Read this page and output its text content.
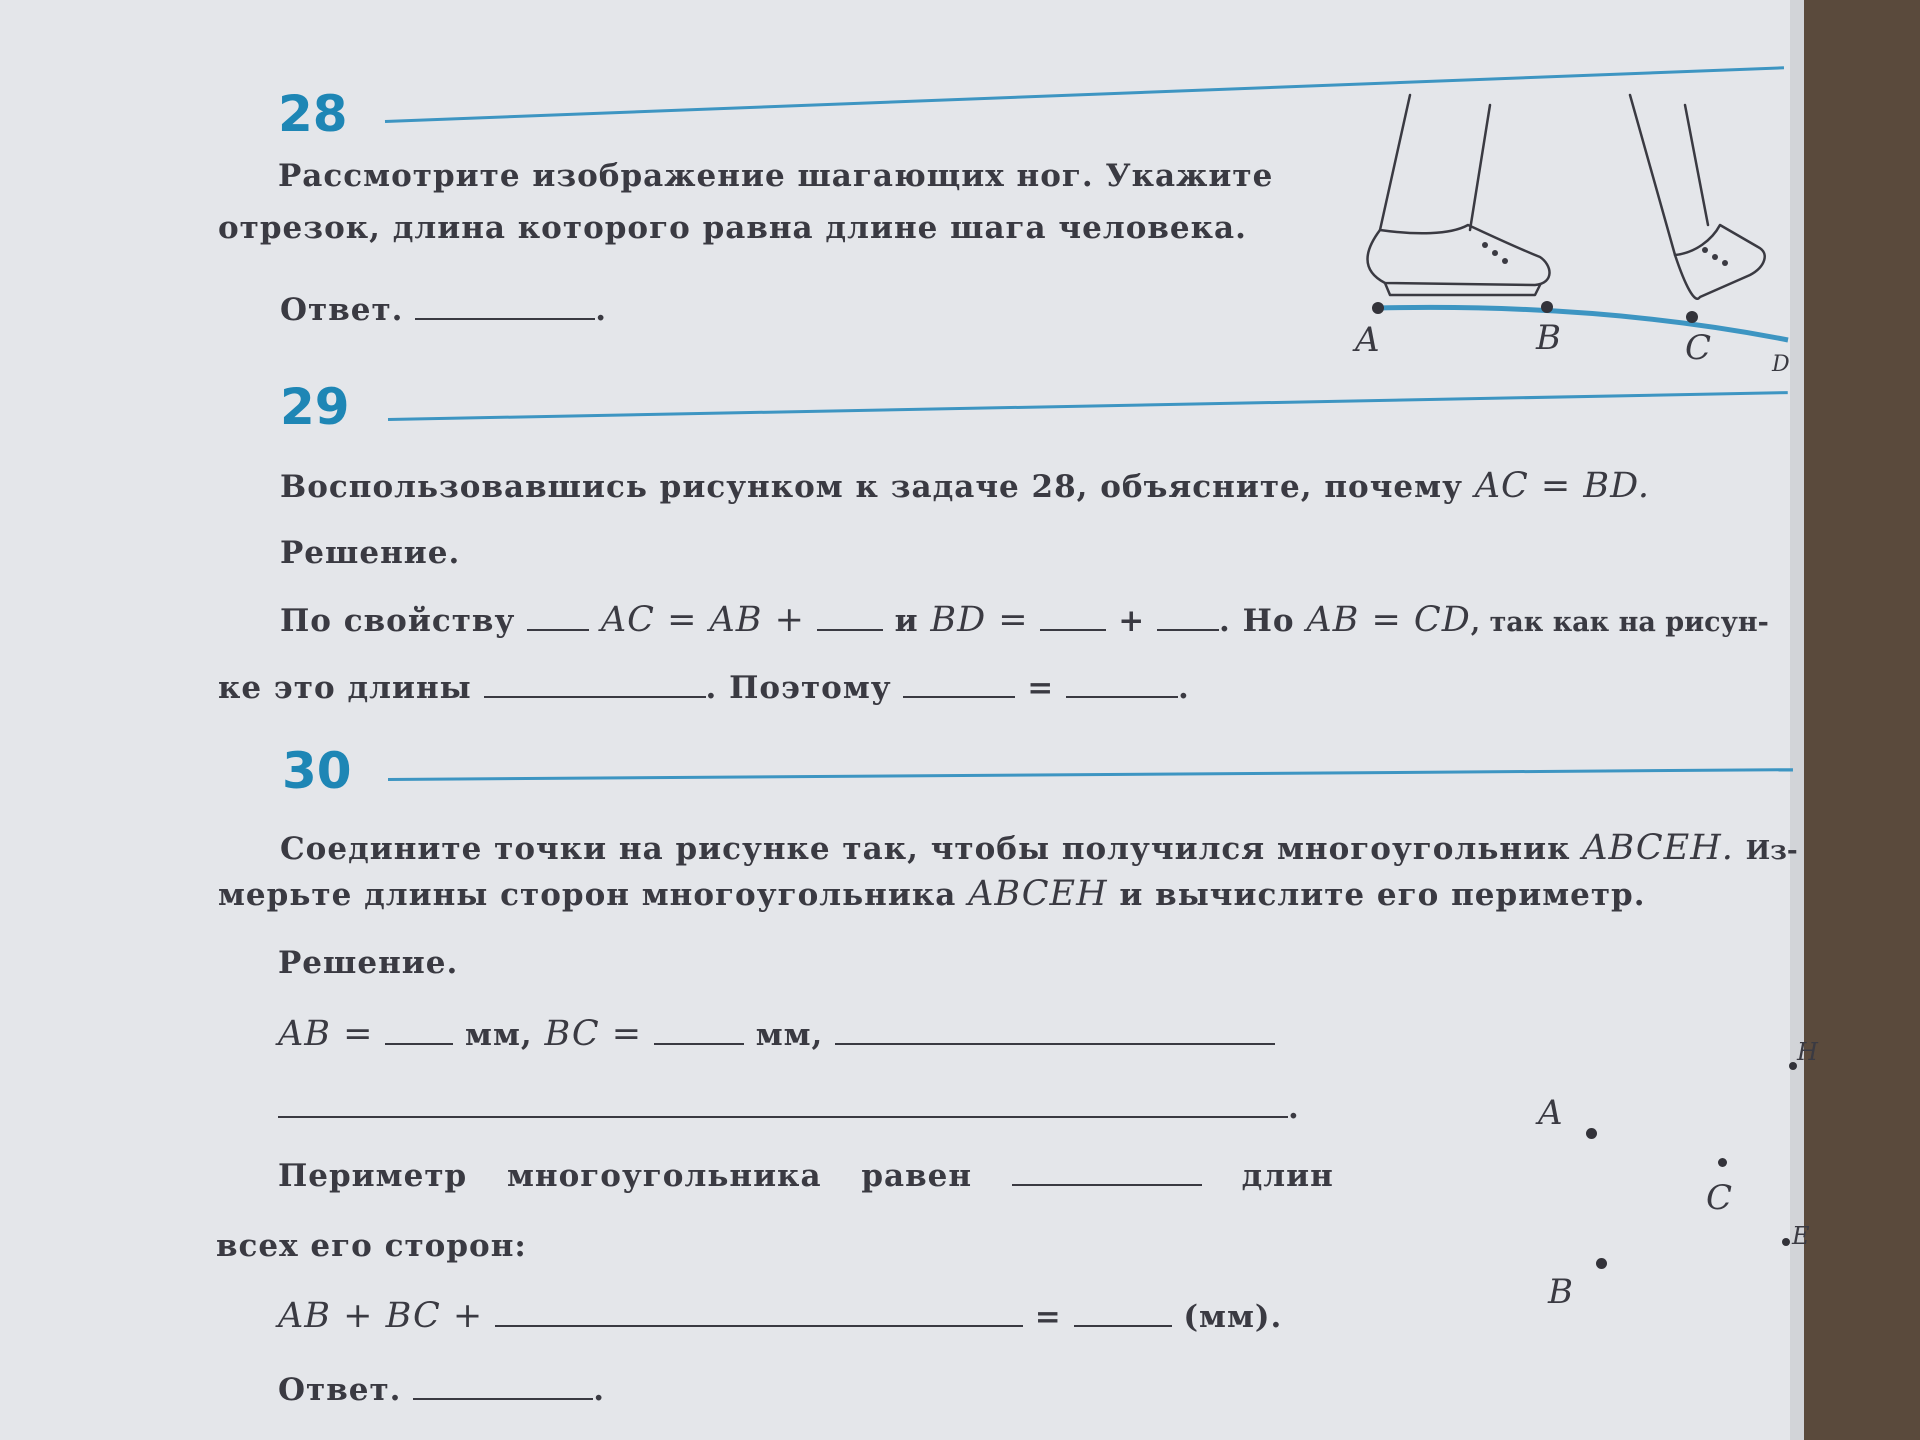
28
Рассмотрите изображение шагающих ног. Укажите
отрезок, длина которого равна длине шага человека.
Ответ.	.
A	B	C	D
29
Воспользовавшись рисунком к задаче 28, объясните, почему AC = BD.
Решение.
По свойству AC = AB +	и BD =	+ . Но AB = CD, так как на рисун-
ке это длины	. Поэтому	=	.
30
Соедините точки на рисунке так, чтобы получился многоугольник ABCEH. Из-
мерьте длины сторон многоугольника ABCEH и вычислите его периметр.
Решение.
AB =	мм, BC =	мм,
.
Периметр многоугольника равен	длин
всех его сторон:
AB + BC +	=	(мм).
Ответ.	.
H
A
C
E
B
